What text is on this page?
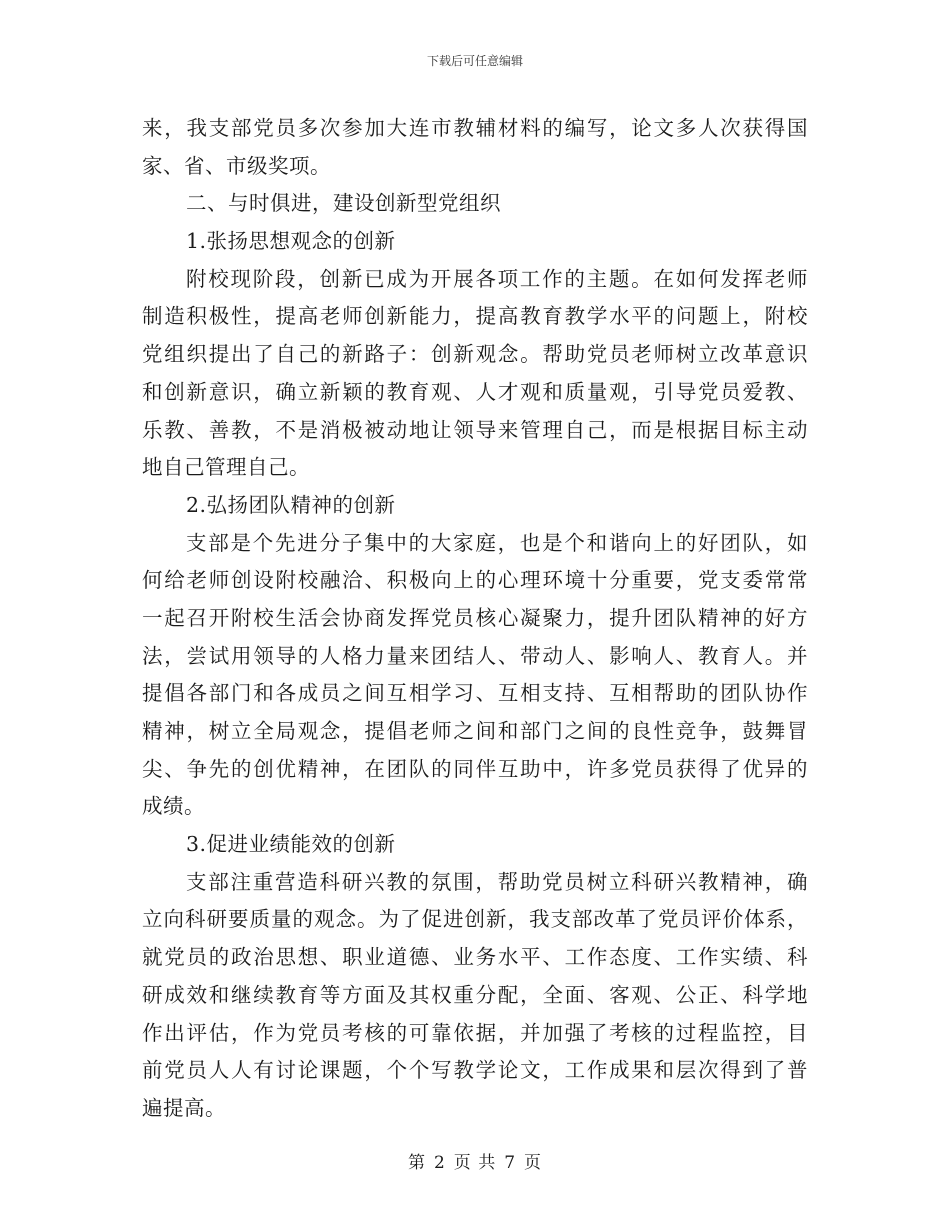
下载后可任意编辑
来，我支部党员多次参加大连市教辅材料的编写，论文多人次获得国
家、省、市级奖项。
二、与时俱进，建设创新型党组织
1.张扬思想观念的创新
附校现阶段，创新已成为开展各项工作的主题。在如何发挥老师
制造积极性，提高老师创新能力，提高教育教学水平的问题上，附校
党组织提出了自己的新路子：创新观念。帮助党员老师树立改革意识
和创新意识，确立新颖的教育观、人才观和质量观，引导党员爱教、
乐教、善教，不是消极被动地让领导来管理自己，而是根据目标主动
地自己管理自己。
2.弘扬团队精神的创新
支部是个先进分子集中的大家庭，也是个和谐向上的好团队，如
何给老师创设附校融洽、积极向上的心理环境十分重要，党支委常常
一起召开附校生活会协商发挥党员核心凝聚力，提升团队精神的好方
法，尝试用领导的人格力量来团结人、带动人、影响人、教育人。并
提倡各部门和各成员之间互相学习、互相支持、互相帮助的团队协作
精神，树立全局观念，提倡老师之间和部门之间的良性竞争，鼓舞冒
尖、争先的创优精神，在团队的同伴互助中，许多党员获得了优异的
成绩。
3.促进业绩能效的创新
支部注重营造科研兴教的氛围，帮助党员树立科研兴教精神，确
立向科研要质量的观念。为了促进创新，我支部改革了党员评价体系，
就党员的政治思想、职业道德、业务水平、工作态度、工作实绩、科
研成效和继续教育等方面及其权重分配，全面、客观、公正、科学地
作出评估，作为党员考核的可靠依据，并加强了考核的过程监控，目
前党员人人有讨论课题，个个写教学论文，工作成果和层次得到了普
遍提高。
第 2 页 共 7 页
